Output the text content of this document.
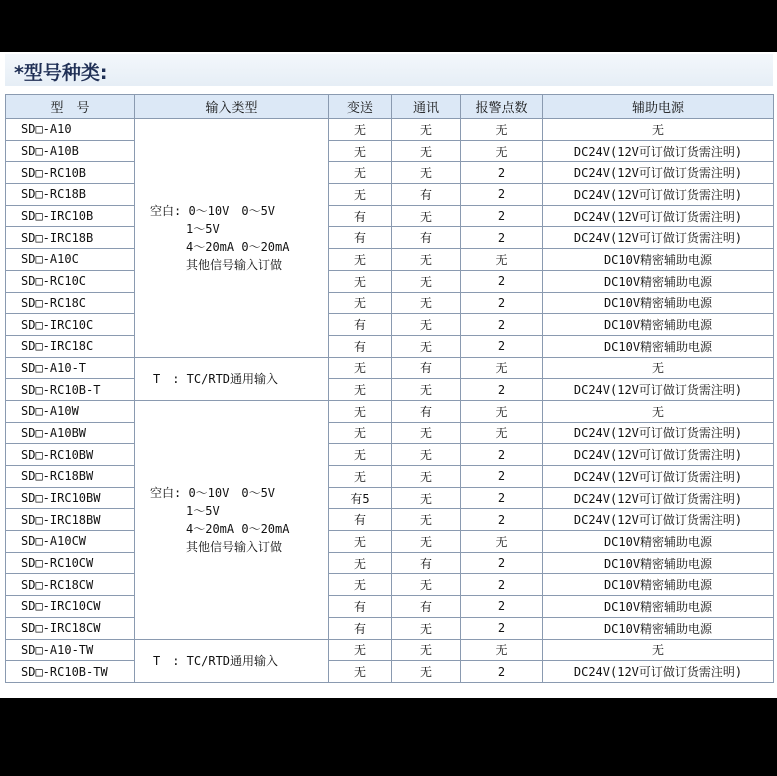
*型号种类:
型　号	输入类型	变送	通讯	报警点数	辅助电源
SD□-A10	空白: 0～10V　0～5V
　　　1～5V
　　　4～20mA 0～20mA
　　　其他信号输入订做	无	无	无	无
SD□-A10B		无	无	无	DC24V(12V可订做订货需注明)
SD□-RC10B		无	无	2	DC24V(12V可订做订货需注明)
SD□-RC18B		无	有	2	DC24V(12V可订做订货需注明)
SD□-IRC10B		有	无	2	DC24V(12V可订做订货需注明)
SD□-IRC18B		有	有	2	DC24V(12V可订做订货需注明)
SD□-A10C		无	无	无	DC10V精密辅助电源
SD□-RC10C		无	无	2	DC10V精密辅助电源
SD□-RC18C		无	无	2	DC10V精密辅助电源
SD□-IRC10C		有	无	2	DC10V精密辅助电源
SD□-IRC18C		有	无	2	DC10V精密辅助电源
SD□-A10-T	T　: TC/RTD通用输入	无	有	无	无
SD□-RC10B-T		无	无	2	DC24V(12V可订做订货需注明)
SD□-A10W	空白: 0～10V　0～5V
　　　1～5V
　　　4～20mA 0～20mA
　　　其他信号输入订做	无	有	无	无
SD□-A10BW		无	无	无	DC24V(12V可订做订货需注明)
SD□-RC10BW		无	无	2	DC24V(12V可订做订货需注明)
SD□-RC18BW		无	无	2	DC24V(12V可订做订货需注明)
SD□-IRC10BW		有5	无	2	DC24V(12V可订做订货需注明)
SD□-IRC18BW		有	无	2	DC24V(12V可订做订货需注明)
SD□-A10CW		无	无	无	DC10V精密辅助电源
SD□-RC10CW		无	有	2	DC10V精密辅助电源
SD□-RC18CW		无	无	2	DC10V精密辅助电源
SD□-IRC10CW		有	有	2	DC10V精密辅助电源
SD□-IRC18CW		有	无	2	DC10V精密辅助电源
SD□-A10-TW	T　: TC/RTD通用输入	无	无	无	无
SD□-RC10B-TW		无	无	2	DC24V(12V可订做订货需注明)
